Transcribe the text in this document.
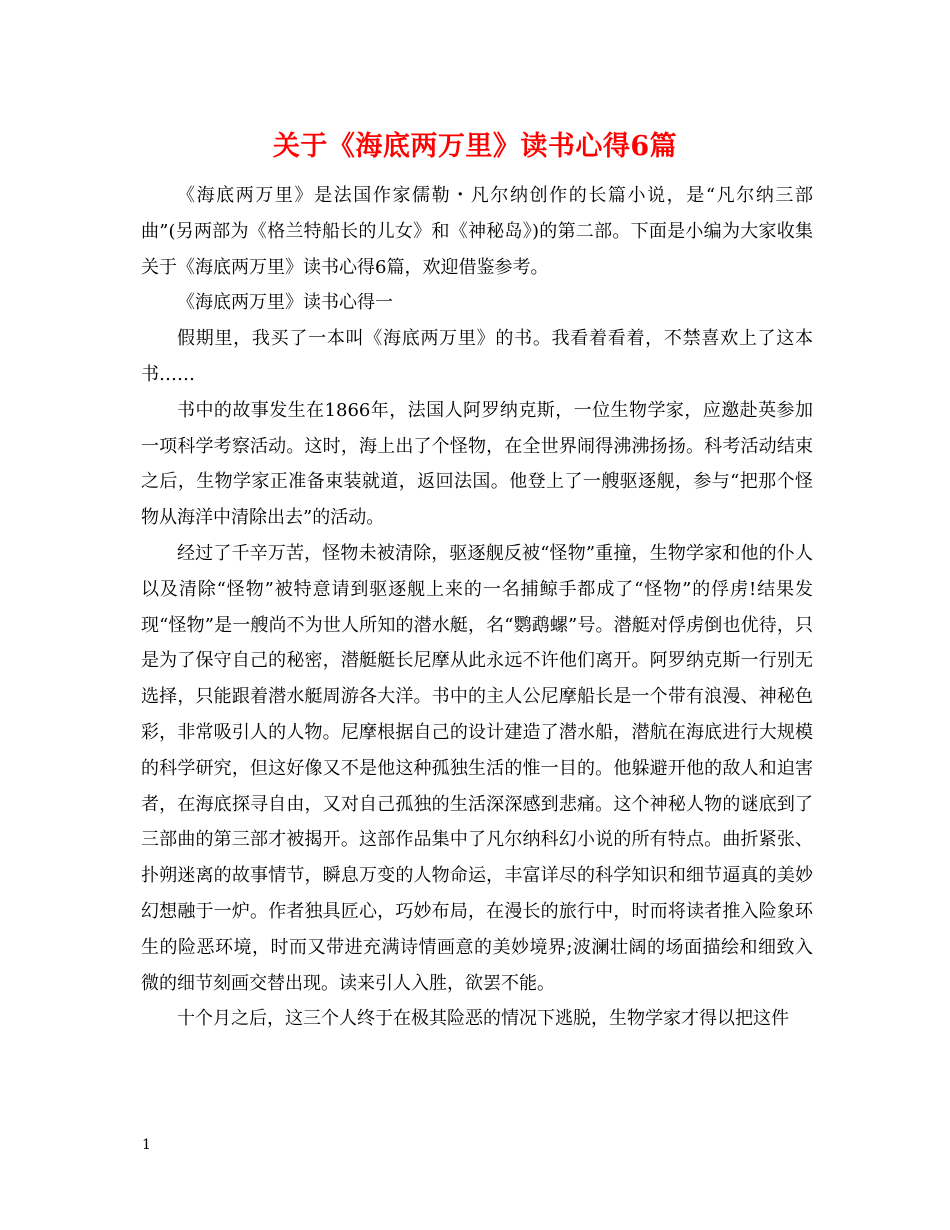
关于《海底两万里》读书心得6篇

《海底两万里》是法国作家儒勒・凡尔纳创作的长篇小说，是“凡尔纳三部曲”(另两部为《格兰特船长的儿女》和《神秘岛》)的第二部。下面是小编为大家收集关于《海底两万里》读书心得6篇，欢迎借鉴参考。

《海底两万里》读书心得一

假期里，我买了一本叫《海底两万里》的书。我看着看着，不禁喜欢上了这本书……

书中的故事发生在1866年，法国人阿罗纳克斯，一位生物学家，应邀赴英参加一项科学考察活动。这时，海上出了个怪物，在全世界闹得沸沸扬扬。科考活动结束之后，生物学家正准备束装就道，返回法国。他登上了一艘驱逐舰，参与“把那个怪物从海洋中清除出去”的活动。

经过了千辛万苦，怪物未被清除，驱逐舰反被“怪物”重撞，生物学家和他的仆人以及清除“怪物”被特意请到驱逐舰上来的一名捕鲸手都成了“怪物”的俘虏!结果发现“怪物”是一艘尚不为世人所知的潜水艇，名“鹦鹉螺”号。潜艇对俘虏倒也优待，只是为了保守自己的秘密，潜艇艇长尼摩从此永远不许他们离开。阿罗纳克斯一行别无选择，只能跟着潜水艇周游各大洋。书中的主人公尼摩船长是一个带有浪漫、神秘色彩，非常吸引人的人物。尼摩根据自己的设计建造了潜水船，潜航在海底进行大规模的科学研究，但这好像又不是他这种孤独生活的惟一目的。他躲避开他的敌人和迫害者，在海底探寻自由，又对自己孤独的生活深深感到悲痛。这个神秘人物的谜底到了三部曲的第三部才被揭开。这部作品集中了凡尔纳科幻小说的所有特点。曲折紧张、扑朔迷离的故事情节，瞬息万变的人物命运，丰富详尽的科学知识和细节逼真的美妙幻想融于一炉。作者独具匠心，巧妙布局，在漫长的旅行中，时而将读者推入险象环生的险恶环境，时而又带进充满诗情画意的美妙境界;波澜壮阔的场面描绘和细致入微的细节刻画交替出现。读来引人入胜，欲罢不能。

十个月之后，这三个人终于在极其险恶的情况下逃脱，生物学家才得以把这件

1
